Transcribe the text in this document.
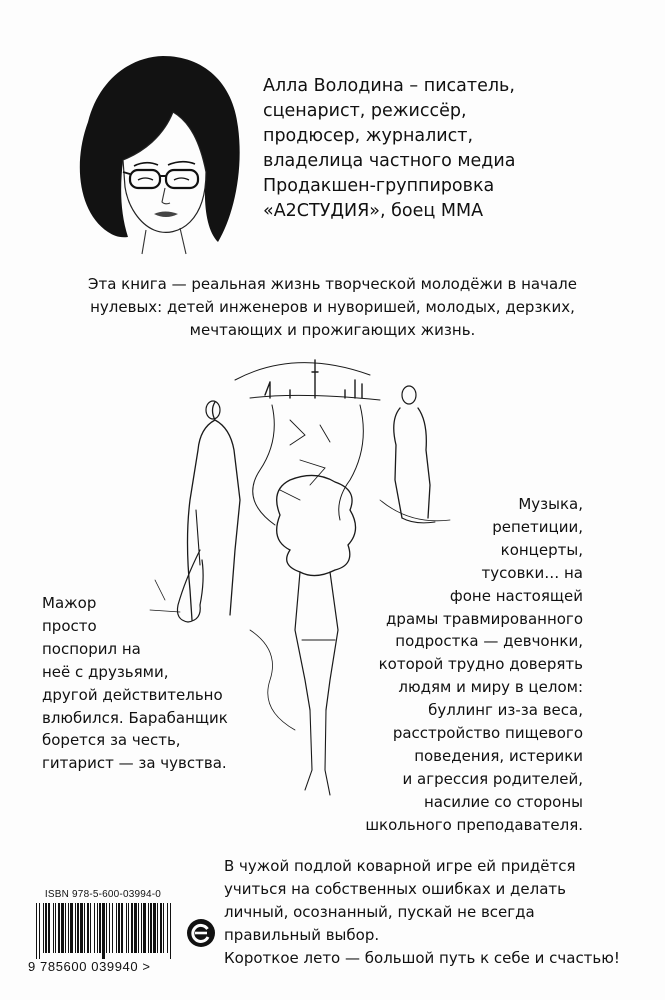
Алла Володина – писатель,
сценарист, режиссёр,
продюсер, журналист,
владелица частного медиа
Продакшен-группировка
«А2СТУДИЯ», боец ММА
Эта книга — реальная жизнь творческой молодёжи в начале
нулевых: детей инженеров и нуворишей, молодых, дерзких,
мечтающих и прожигающих жизнь.
Музыка,
репетиции,
концерты,
тусовки… на
фоне настоящей
драмы травмированного
подростка — девчонки,
которой трудно доверять
людям и миру в целом:
буллинг из-за веса,
расстройство пищевого
поведения, истерики
и агрессия родителей,
насилие со стороны
школьного преподавателя.
Мажор
просто
поспорил на
неё с друзьями,
другой действительно
влюбился. Барабанщик
борется за честь,
гитарист — за чувства.
В чужой подлой коварной игре ей придётся
учиться на собственных ошибках и делать
личный, осознанный, пускай не всегда
правильный выбор.
Короткое лето — большой путь к себе и счастью!
ISBN 978-5-600-03994-0
9 785600 039940 >
